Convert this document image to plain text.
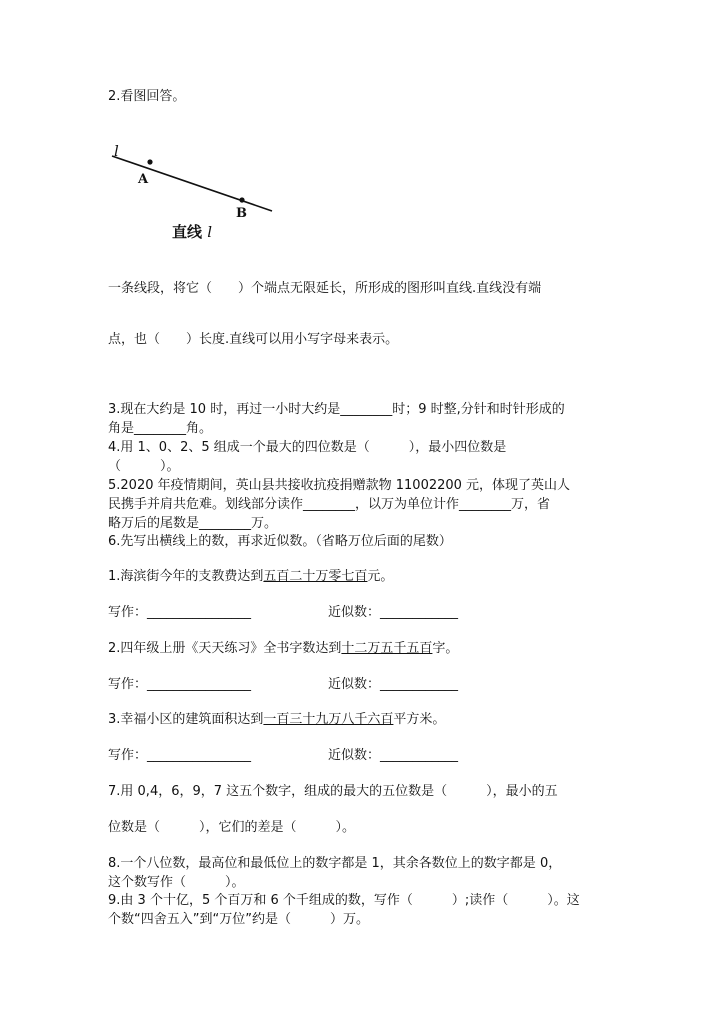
2.看图回答。
l
A
B
直线 l
一条线段，将它（　　）个端点无限延长，所形成的图形叫直线.直线没有端
点，也（　　）长度.直线可以用小写字母来表示。
3.现在大约是 10 时，再过一小时大约是________时；9 时整,分针和时针形成的
角是________角。
4.用 1、0、2、5 组成一个最大的四位数是（　　　），最小四位数是
（　　　）。
5.2020 年疫情期间，英山县共接收抗疫捐赠款物 11002200 元，体现了英山人
民携手并肩共危难。划线部分读作________，以万为单位计作________万，省
略万后的尾数是________万。
6.先写出横线上的数，再求近似数。（省略万位后面的尾数）
1.海滨街今年的支教费达到五百二十万零七百元。
写作：________________	近似数：____________
2.四年级上册《天天练习》全书字数达到十二万五千五百字。
写作：________________	近似数：____________
3.幸福小区的建筑面积达到一百三十九万八千六百平方米。
写作：________________	近似数：____________
7.用 0,4，6，9，7 这五个数字，组成的最大的五位数是（　　　），最小的五
位数是（　　　），它们的差是（　　　）。
8.一个八位数，最高位和最低位上的数字都是 1，其余各数位上的数字都是 0，
这个数写作（　　　）。
9.由 3 个十亿，5 个百万和 6 个千组成的数，写作（　　　）;读作（　　　）。这
个数“四舍五入”到“万位”约是（　　　）万。
